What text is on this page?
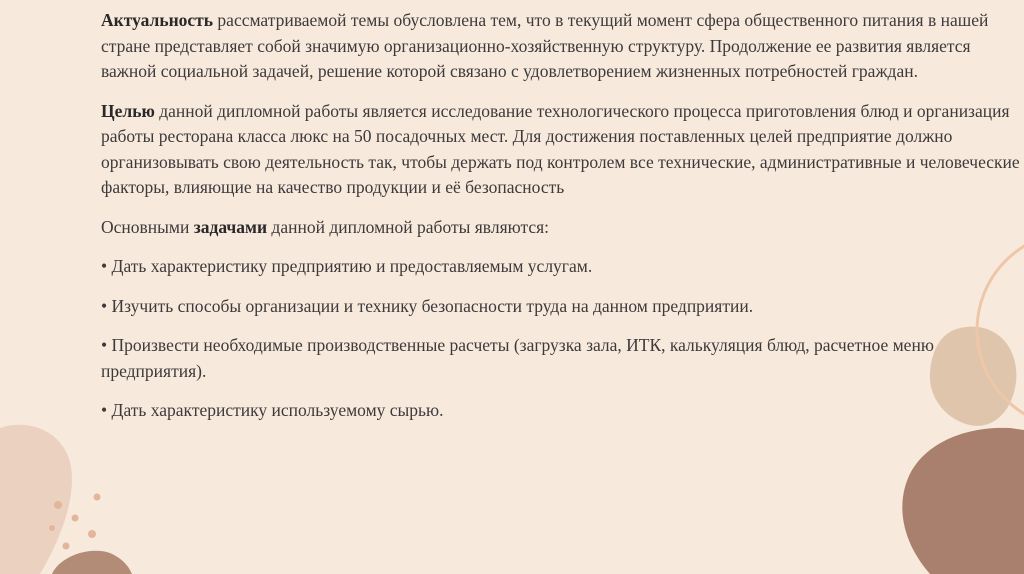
Актуальность рассматриваемой темы обусловлена тем, что в текущий момент сфера общественного питания в нашей стране представляет собой значимую организационно-хозяйственную структуру. Продолжение ее развития является важной социальной задачей, решение которой связано с удовлетворением жизненных потребностей граждан.

Целью данной дипломной работы является исследование технологического процесса приготовления блюд и организация работы ресторана класса люкс на 50 посадочных мест. Для достижения поставленных целей предприятие должно организовывать свою деятельность так, чтобы держать под контролем все технические, административные и человеческие факторы, влияющие на качество продукции и её безопасность

Основными задачами данной дипломной работы являются:

• Дать характеристику предприятию и предоставляемым услугам.

• Изучить способы организации и технику безопасности труда на данном предприятии.

• Произвести необходимые производственные расчеты (загрузка зала, ИТК, калькуляция блюд, расчетное меню предприятия).

• Дать характеристику используемому сырью.
